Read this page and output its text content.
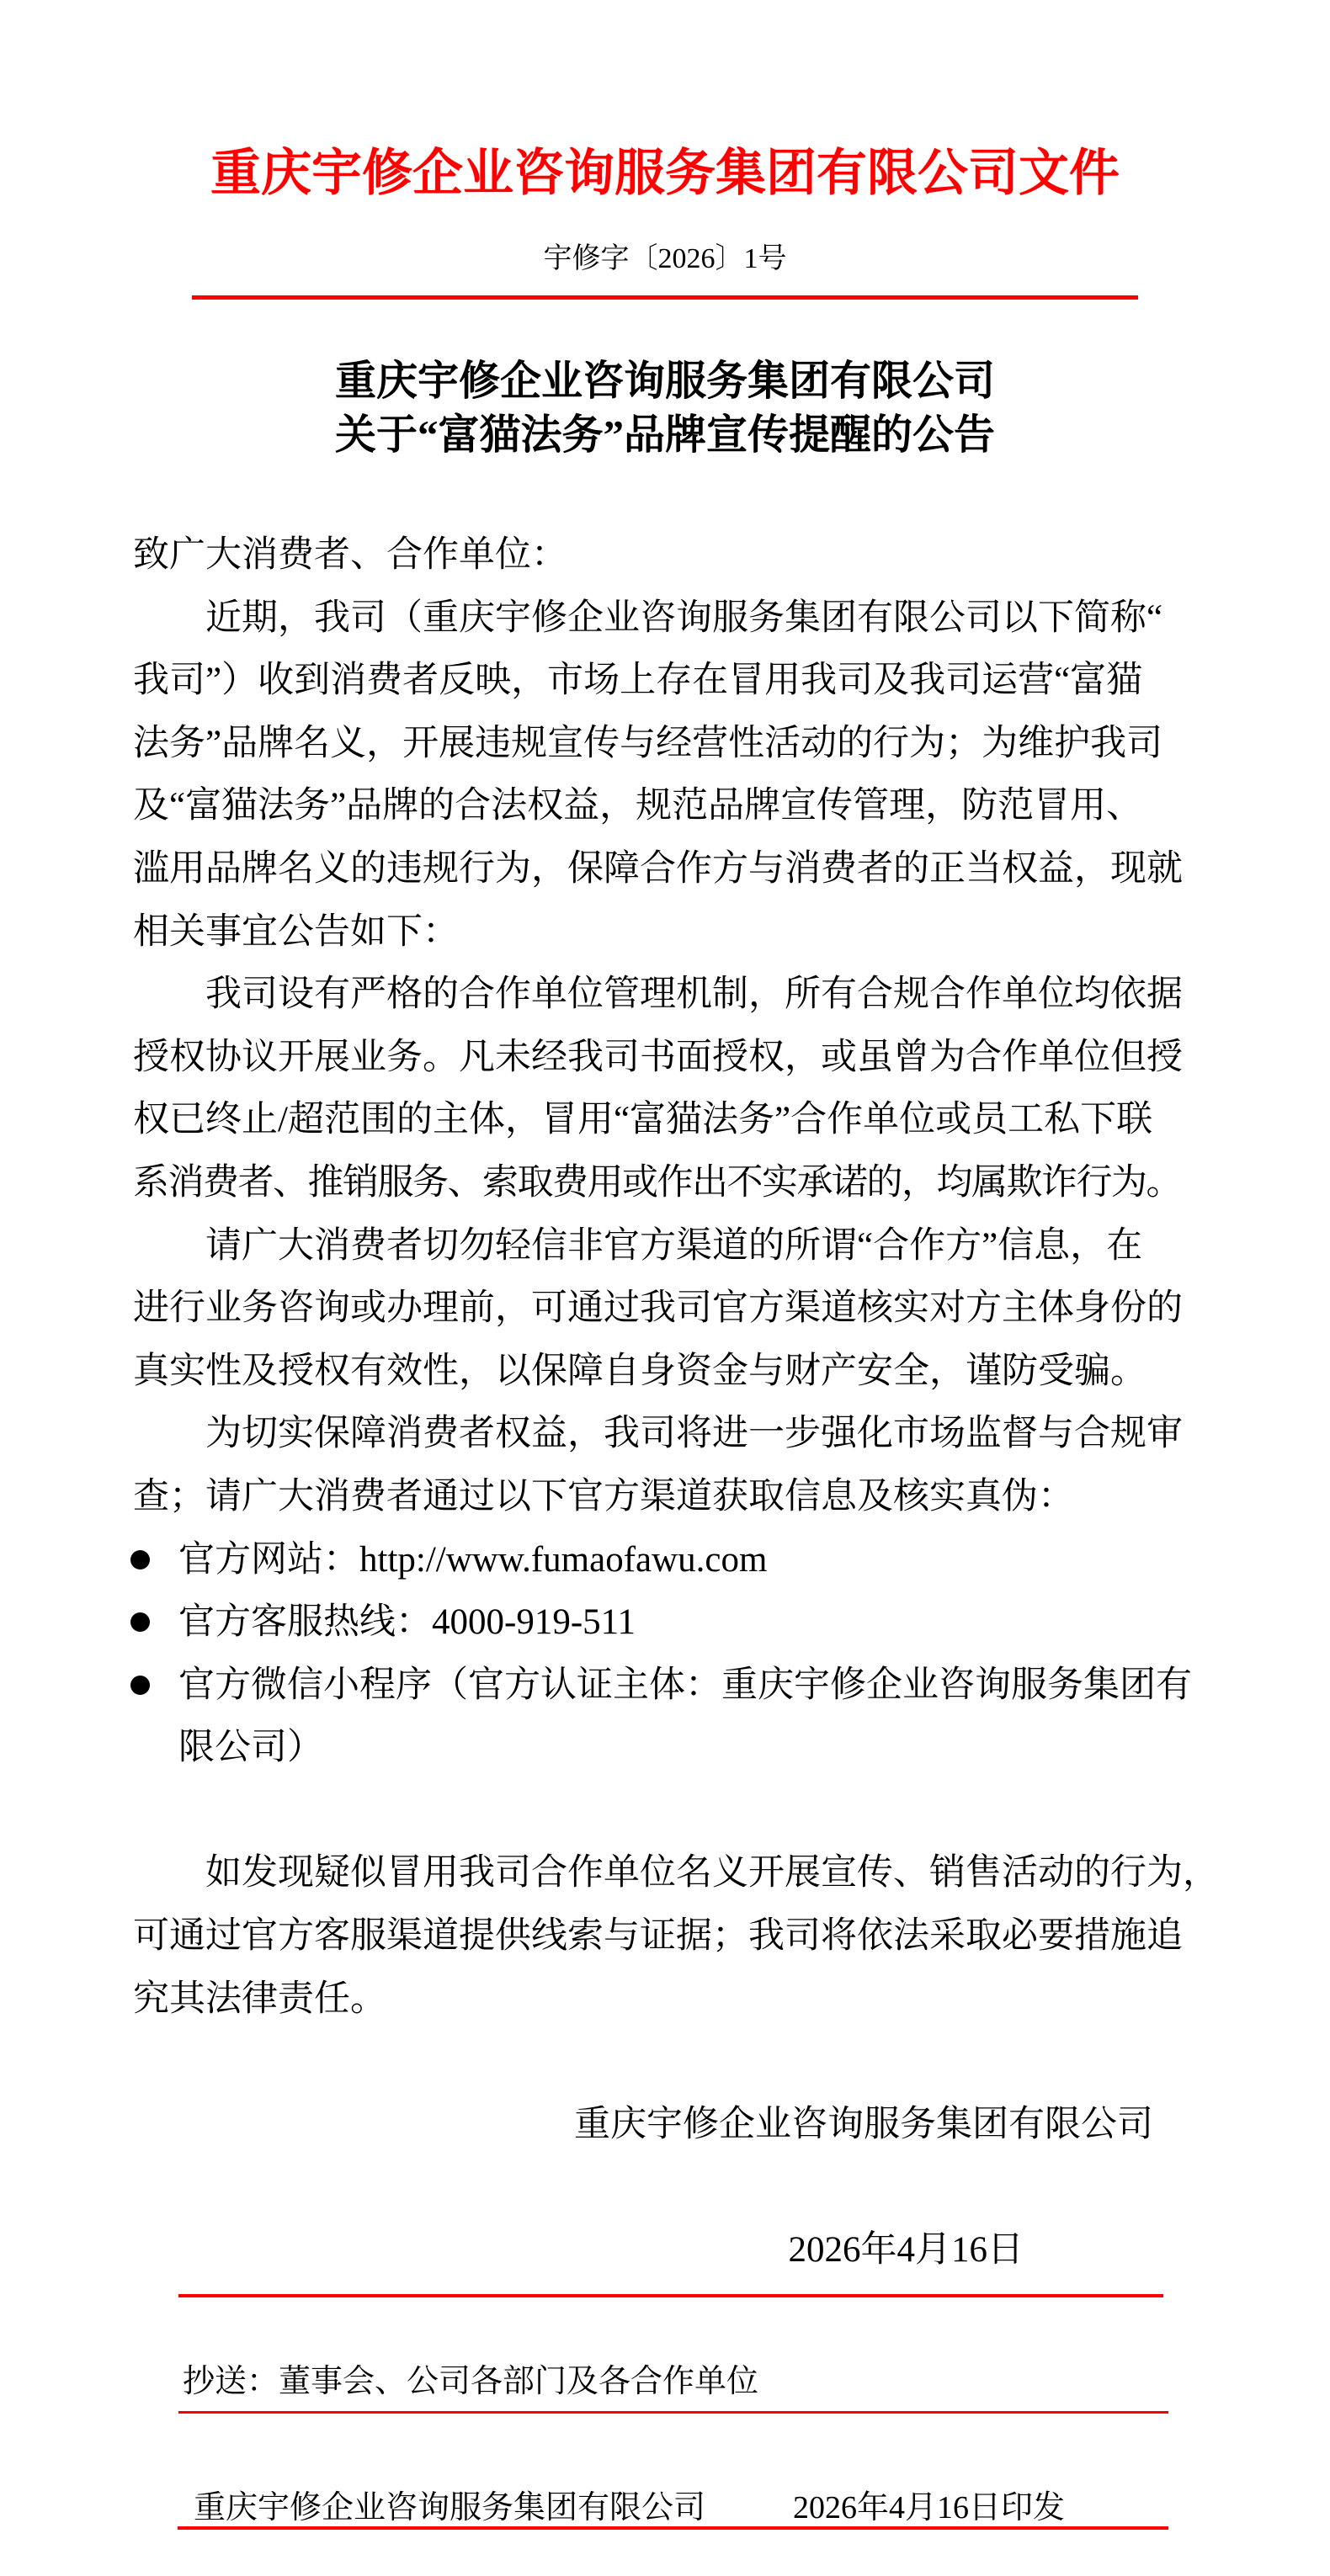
重庆宇修企业咨询服务集团有限公司文件
宇修字〔2026〕1号
重庆宇修企业咨询服务集团有限公司
关于“富猫法务”品牌宣传提醒的公告
致广大消费者、合作单位：
近期，我司（重庆宇修企业咨询服务集团有限公司以下简称“
我司”）收到消费者反映，市场上存在冒用我司及我司运营“富猫
法务”品牌名义，开展违规宣传与经营性活动的行为；为维护我司
及“富猫法务”品牌的合法权益，规范品牌宣传管理，防范冒用、
滥用品牌名义的违规行为，保障合作方与消费者的正当权益，现就
相关事宜公告如下：
我司设有严格的合作单位管理机制，所有合规合作单位均依据
授权协议开展业务。凡未经我司书面授权，或虽曾为合作单位但授
权已终止/超范围的主体，冒用“富猫法务”合作单位或员工私下联
系消费者、推销服务、索取费用或作出不实承诺的，均属欺诈行为。
请广大消费者切勿轻信非官方渠道的所谓“合作方”信息，在
进行业务咨询或办理前，可通过我司官方渠道核实对方主体身份的
真实性及授权有效性，以保障自身资金与财产安全，谨防受骗。
为切实保障消费者权益，我司将进一步强化市场监督与合规审
查；请广大消费者通过以下官方渠道获取信息及核实真伪：
官方网站：http://www.fumaofawu.com
官方客服热线：4000-919-511
官方微信小程序（官方认证主体：重庆宇修企业咨询服务集团有
限公司）
如发现疑似冒用我司合作单位名义开展宣传、销售活动的行为，
可通过官方客服渠道提供线索与证据；我司将依法采取必要措施追
究其法律责任。
重庆宇修企业咨询服务集团有限公司
2026年4月16日
抄送：董事会、公司各部门及各合作单位
重庆宇修企业咨询服务集团有限公司	2026年4月16日印发
